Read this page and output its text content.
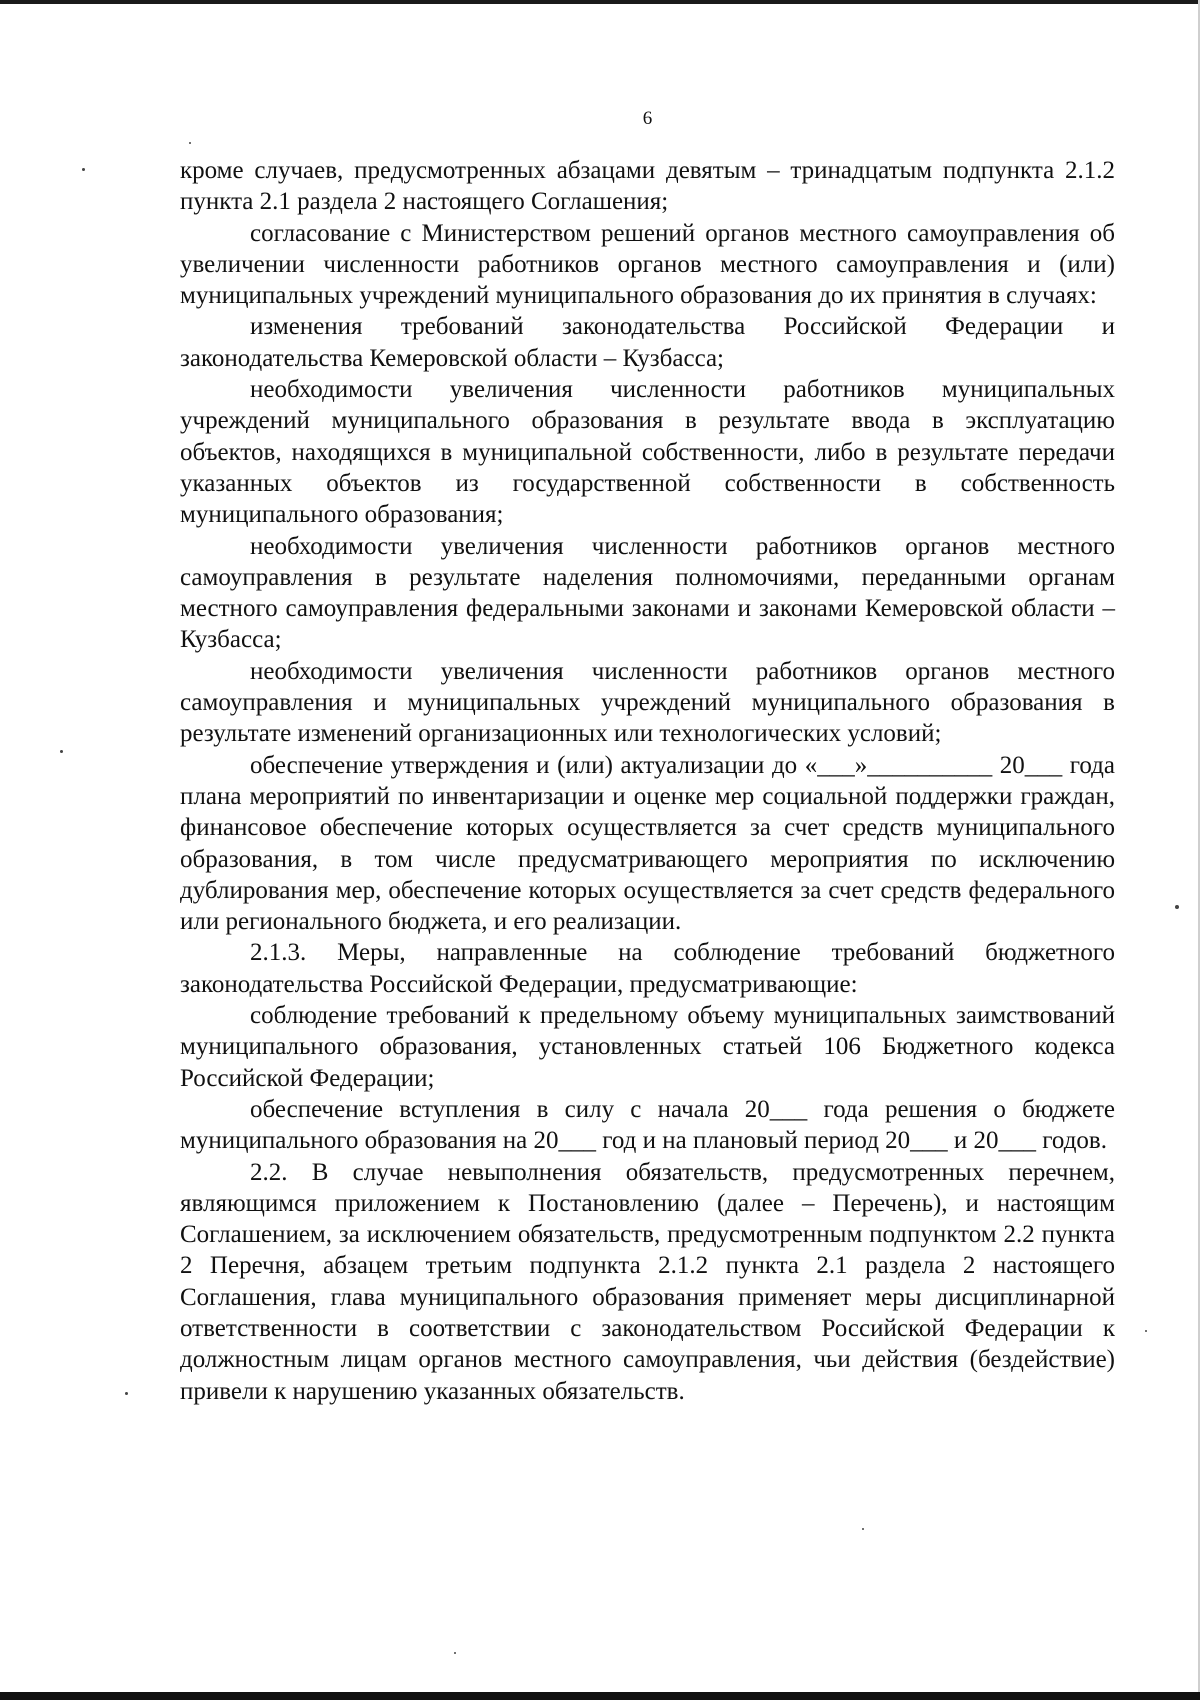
6

кроме случаев, предусмотренных абзацами девятым – тринадцатым подпункта 2.1.2 пункта 2.1 раздела 2 настоящего Соглашения;

согласование с Министерством решений органов местного самоуправления об увеличении численности работников органов местного самоуправления и (или) муниципальных учреждений муниципального образования до их принятия в случаях:

изменения требований законодательства Российской Федерации и законодательства Кемеровской области – Кузбасса;

необходимости увеличения численности работников муниципальных учреждений муниципального образования в результате ввода в эксплуатацию объектов, находящихся в муниципальной собственности, либо в результате передачи указанных объектов из государственной собственности в собственность муниципального образования;

необходимости увеличения численности работников органов местного самоуправления в результате наделения полномочиями, переданными органам местного самоуправления федеральными законами и законами Кемеровской области – Кузбасса;

необходимости увеличения численности работников органов местного самоуправления и муниципальных учреждений муниципального образования в результате изменений организационных или технологических условий;

обеспечение утверждения и (или) актуализации до «___»__________ 20___ года плана мероприятий по инвентаризации и оценке мер социальной поддержки граждан, финансовое обеспечение которых осуществляется за счет средств муниципального образования, в том числе предусматривающего мероприятия по исключению дублирования мер, обеспечение которых осуществляется за счет средств федерального или регионального бюджета, и его реализации.

2.1.3. Меры, направленные на соблюдение требований бюджетного законодательства Российской Федерации, предусматривающие:

соблюдение требований к предельному объему муниципальных заимствований муниципального образования, установленных статьей 106 Бюджетного кодекса Российской Федерации;

обеспечение вступления в силу с начала 20___ года решения о бюджете муниципального образования на 20___ год и на плановый период 20___ и 20___ годов.

2.2. В случае невыполнения обязательств, предусмотренных перечнем, являющимся приложением к Постановлению (далее – Перечень), и настоящим Соглашением, за исключением обязательств, предусмотренным подпунктом 2.2 пункта 2 Перечня, абзацем третьим подпункта 2.1.2 пункта 2.1 раздела 2 настоящего Соглашения, глава муниципального образования применяет меры дисциплинарной ответственности в соответствии с законодательством Российской Федерации к должностным лицам органов местного самоуправления, чьи действия (бездействие) привели к нарушению указанных обязательств.
